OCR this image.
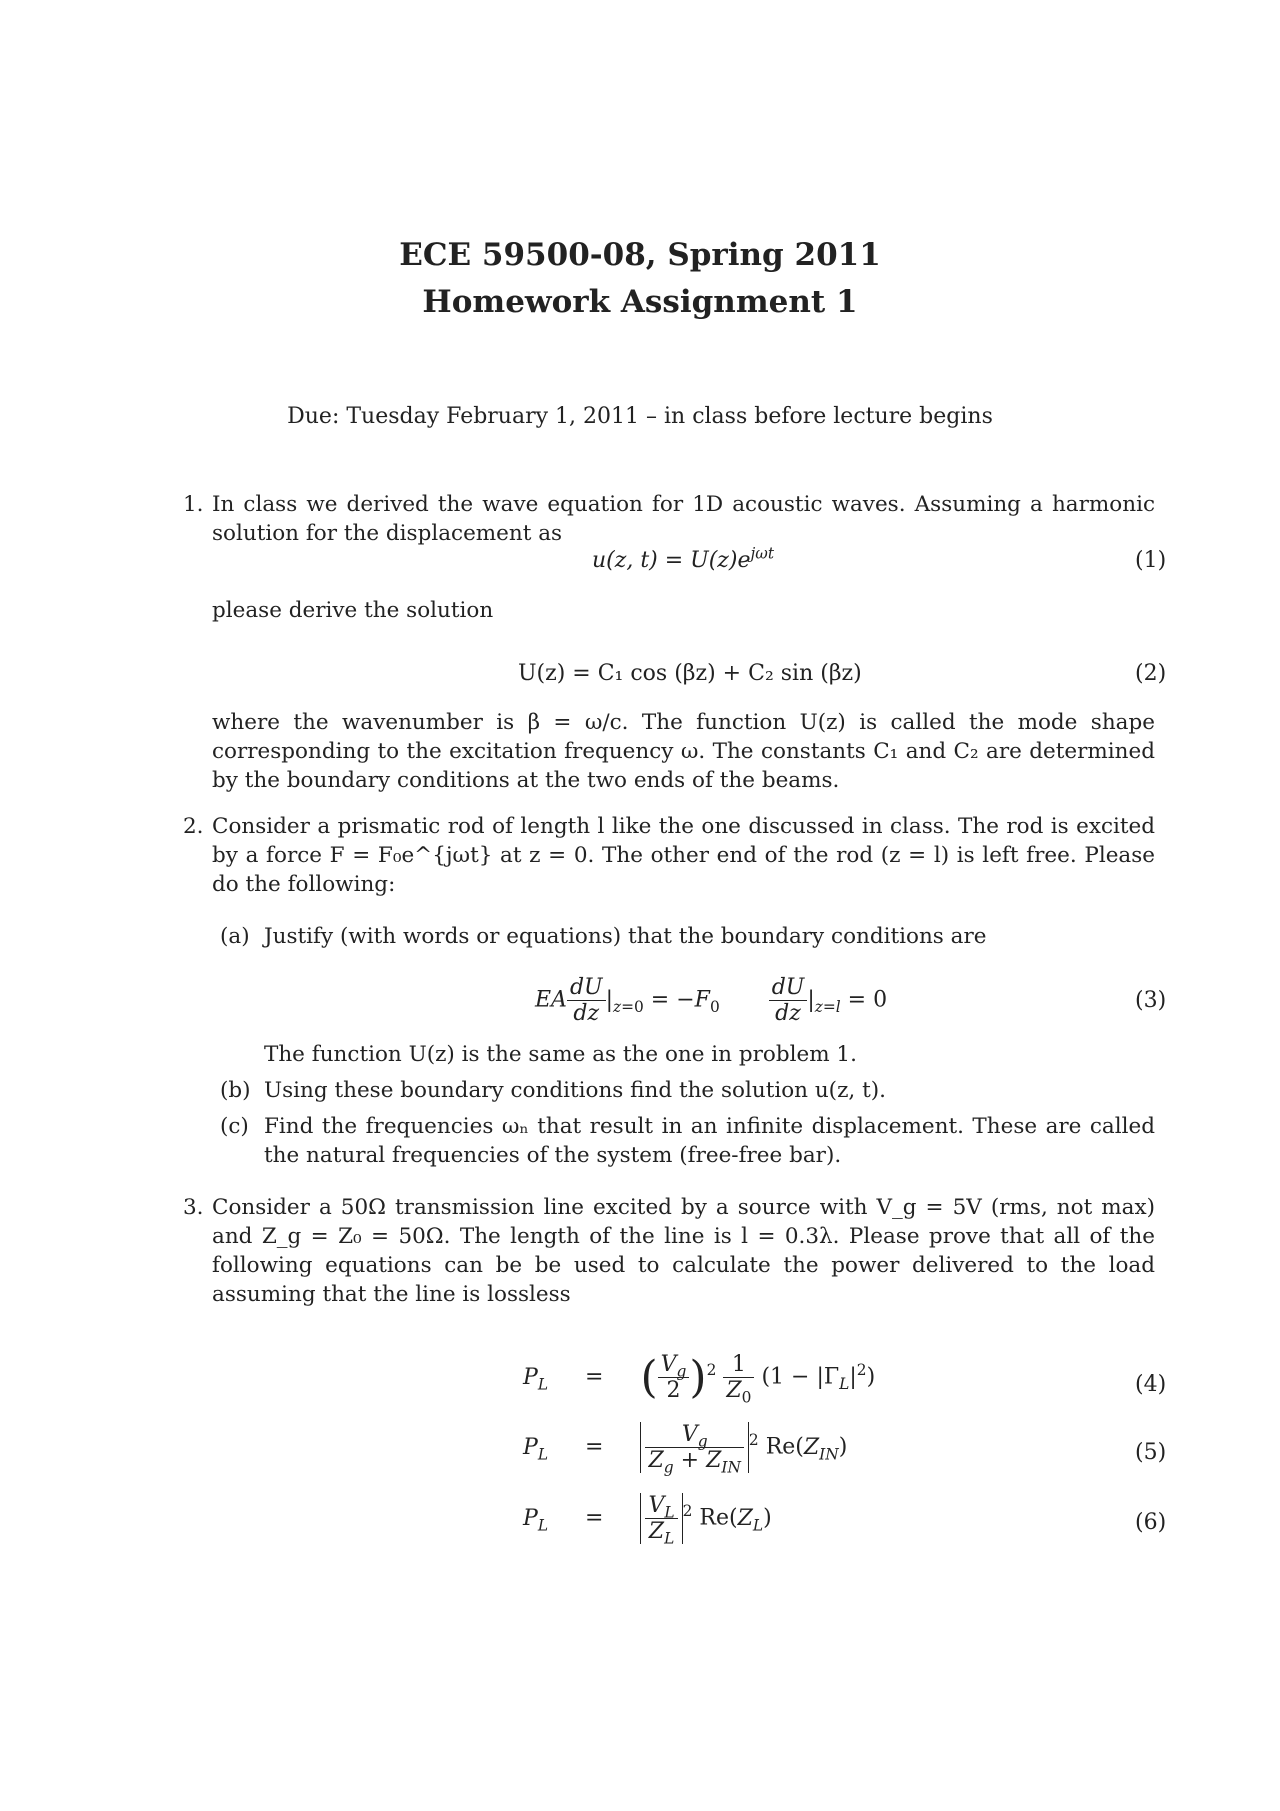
ECE 59500-08, Spring 2011
Homework Assignment 1
Due: Tuesday February 1, 2011 – in class before lecture begins
1. In class we derived the wave equation for 1D acoustic waves. Assuming a harmonic solution for the displacement as
u(z, $t) = U(z)e^{j\omega t}$	(1)
please derive the solution
U(z) = C₁ cos (βz) + C₂ sin (βz)	(2)
where the wavenumber is β = ω/c. The function U(z) is called the mode shape corresponding to the excitation frequency ω. The constants C₁ and C₂ are determined by the boundary conditions at the two ends of the beams.
2. Consider a prismatic rod of length l like the one discussed in class. The rod is excited by a force F = F₀e^{jωt} at z = 0. The other end of the rod (z = l) is left free. Please do the following:
(a) Justify (with words or equations) that the boundary conditions are
EA $\frac{dU}{dz} |_{z=0} = -F_0 \frac{dU}{dz} |_{z=l} = 0$	(3)
The function U(z) is the same as the one in problem 1.
(b) Using these boundary conditions find the solution u(z, t).
(c) Find the frequencies ωₙ that result in an infinite displacement. These are called the natural frequencies of the system (free-free bar).
3. Consider a 50Ω transmission line excited by a source with V_g = 5V (rms, not max) and Z_g = Z₀ = 50Ω. The length of the line is l = 0.3λ. Please prove that all of the following equations can be be used to calculate the power delivered to the load assuming that the line is lossless
$P_L$ = ( $\frac{V_g}{2} )^2 \frac{1}{Z_0} (1 - |\Gamma_L|^2)$	(4)
$P_L = \frac{V_g}{Z_g + Z_{IN}} ^2$ $Re(Z_{IN})$	(5)
$P_L = \frac{V_L}{Z_L} ^2$ $Re(Z_L)$	(6)
